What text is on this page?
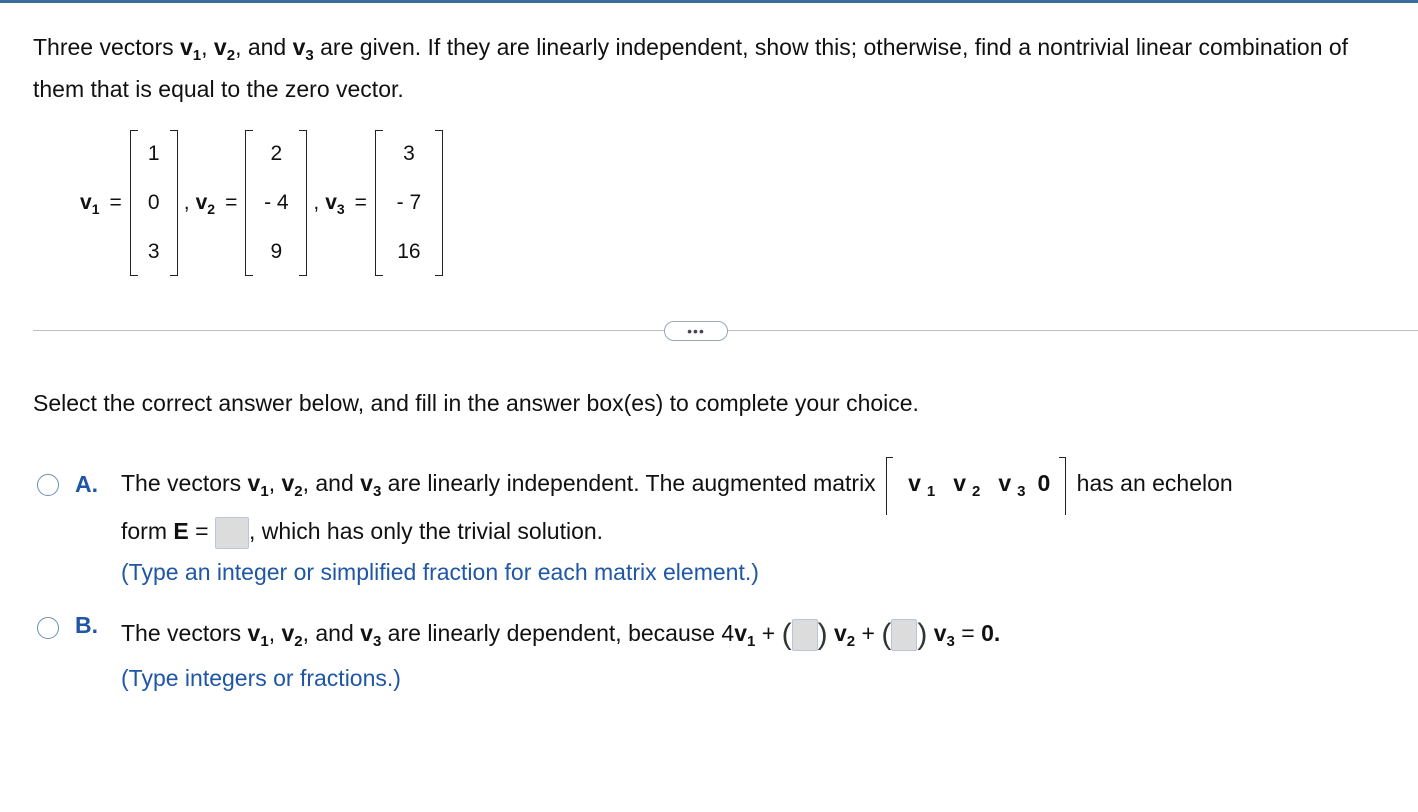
Three vectors $v_1$, $v_2$, and $v_3$ are given. If they are linearly independent, show this; otherwise, find a nontrivial linear combination of them that is equal to the zero vector.
$v_1$ =
1
0
3
, $v_2$ =
2
- 4
9
, $v_3$ =
3
- 7
16
•••
Select the correct answer below, and fill in the answer box(es) to complete your choice.
A. The vectors $v_1$, $v_2$, and $v_3$ are linearly independent. The augmented matrix v $_1$ v $_2$ v $_3$ 0 has an echelon
form E = , which has only the trivial solution.
(Type an integer or simplified fraction for each matrix element.)
B. The vectors $v_1$, $v_2$, and $v_3$ are linearly dependent, because $4v_1$ + ( ) $v_2$ + ( ) $v_3 = 0$.
(Type integers or fractions.)
